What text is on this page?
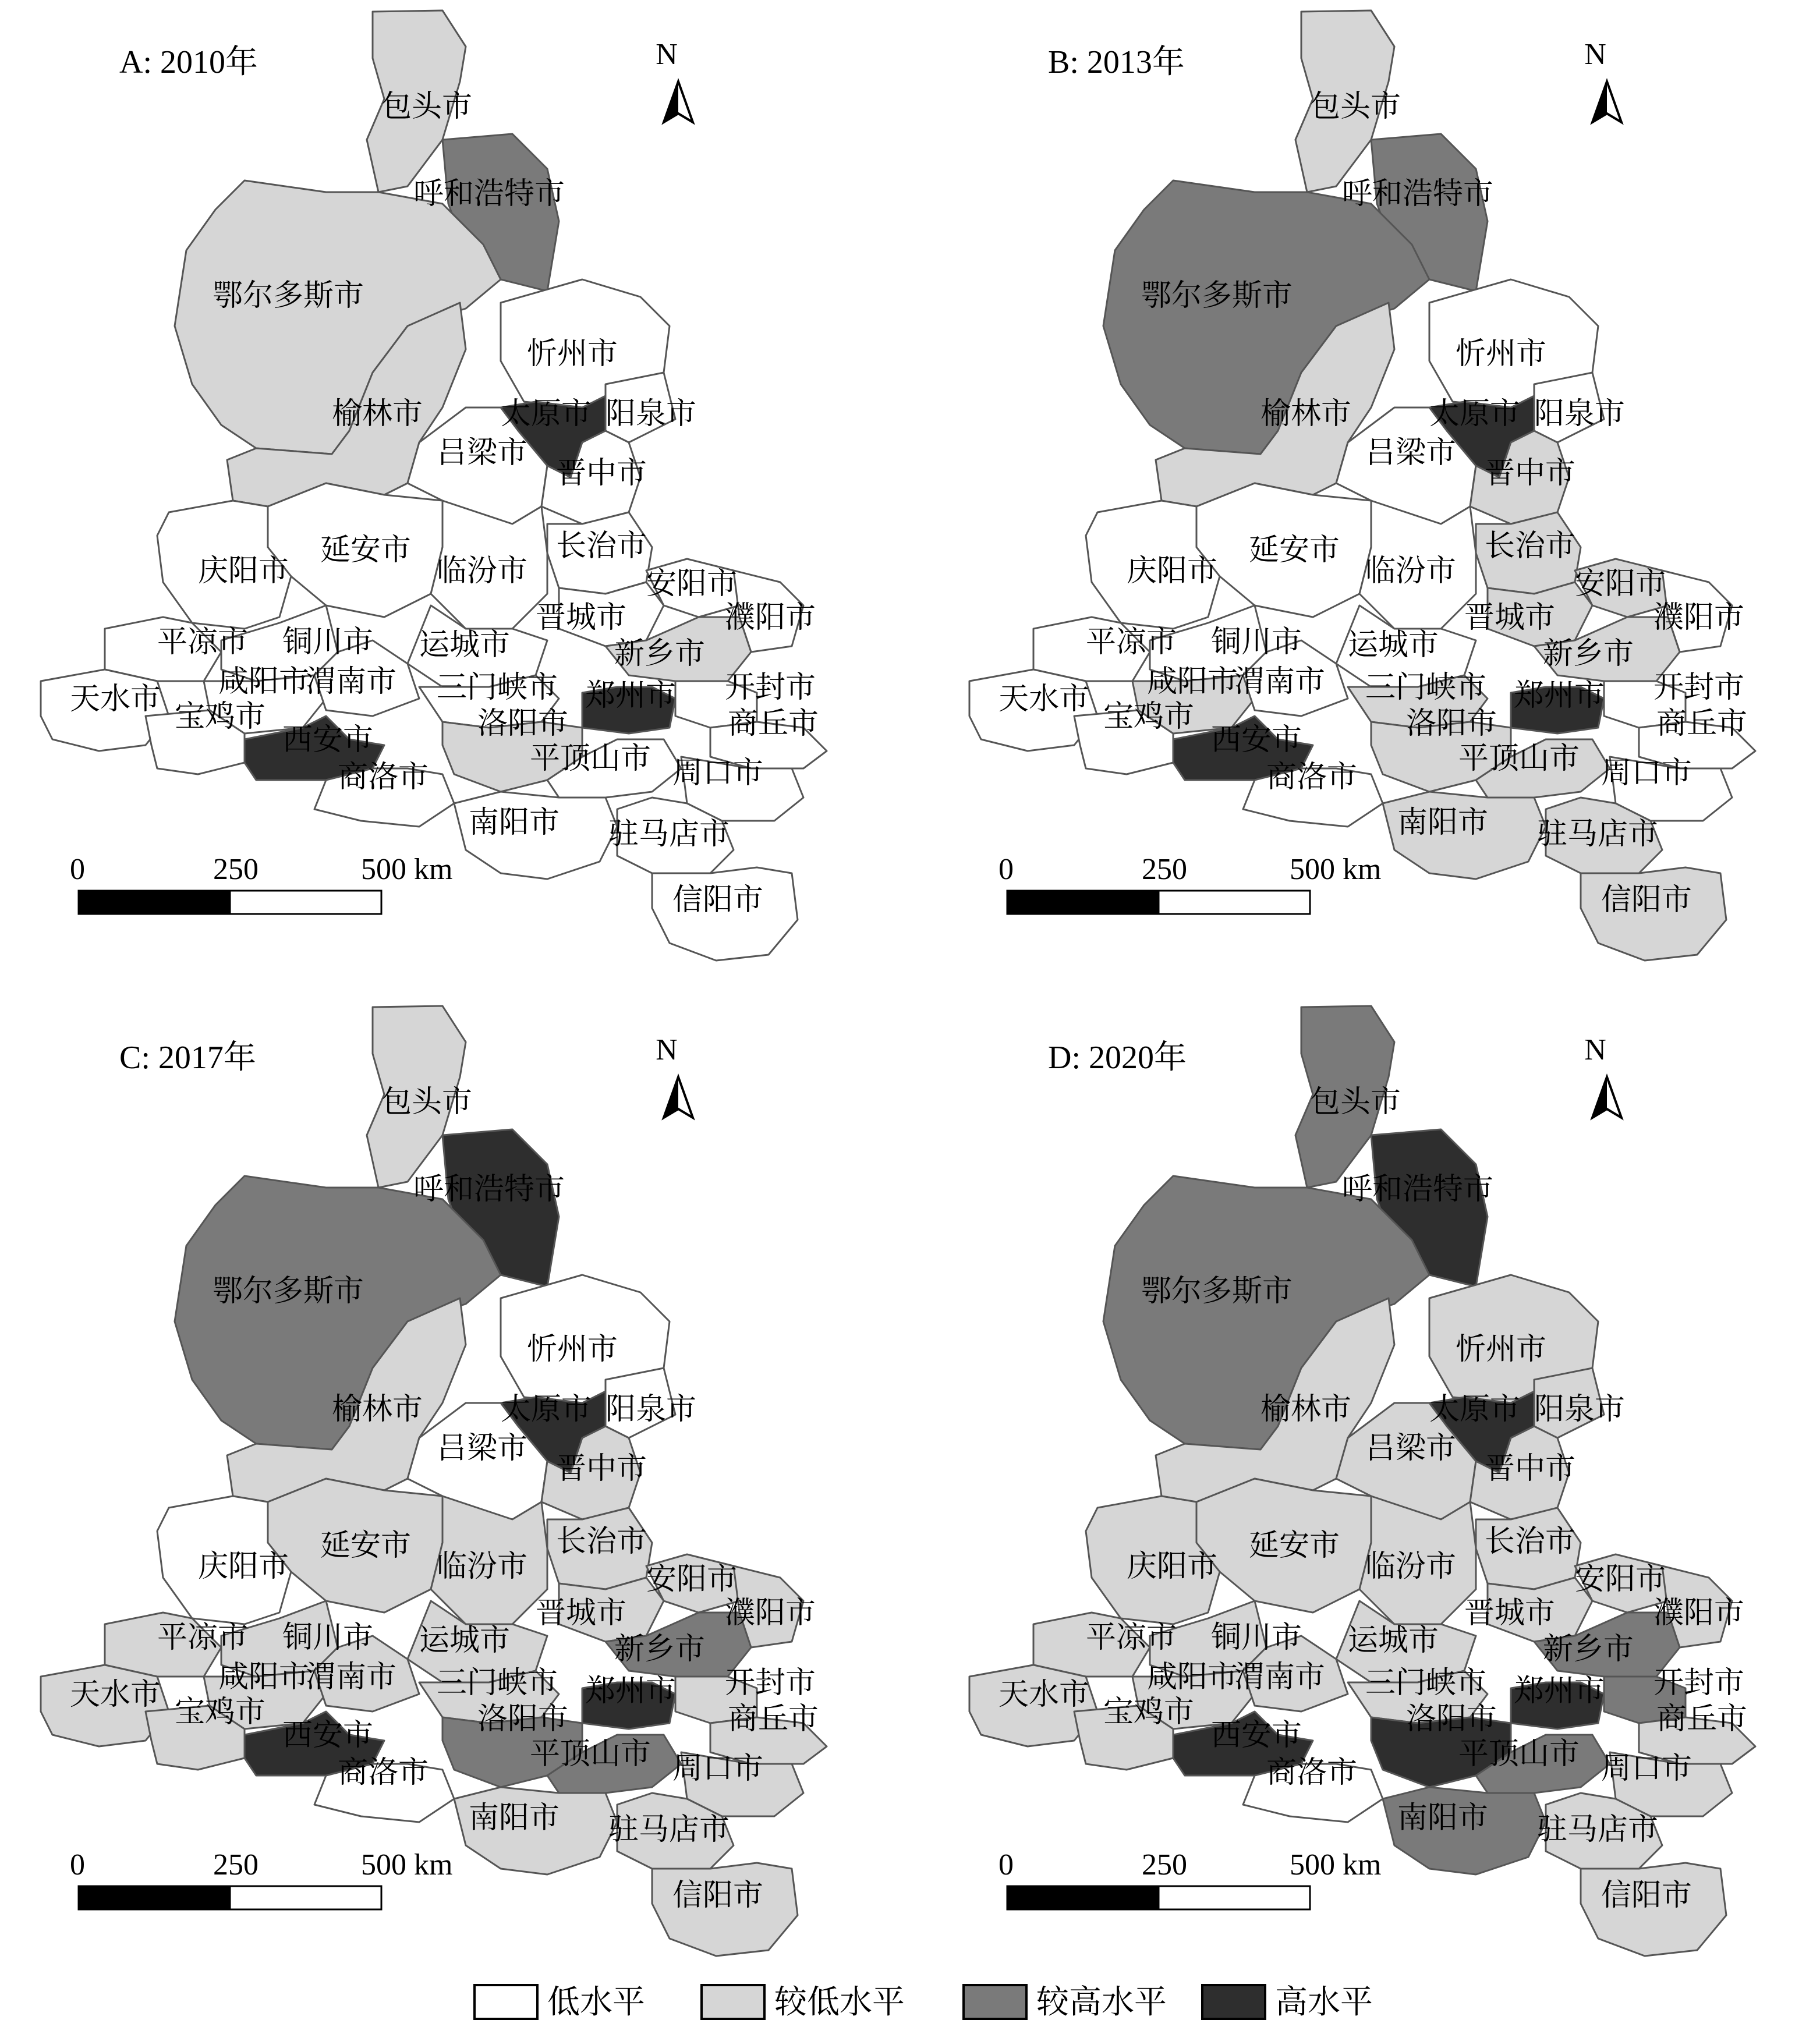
包头市
呼和浩特市
鄂尔多斯市
榆林市
忻州市
太原市 阳泉市
吕梁市
晋中市
延安市
庆阳市	临汾市
长治市
安阳市
濮阳市
晋城市
平凉市 铜川市 运城市	新乡市
咸阳市
渭南市 三门峡市 郑州市 开封市
天水市 宝鸡市
西安市	洛阳市	商丘市
商洛市
平顶山市 周口市
南阳市 驻马店市
信阳市
A: 2010年	N
0	250	500 km
包头市
呼和浩特市
鄂尔多斯市
榆林市
忻州市
太原市 阳泉市
吕梁市
晋中市
延安市
庆阳市	临汾市
长治市
安阳市
濮阳市
晋城市
平凉市 铜川市 运城市	新乡市
咸阳市
渭南市 三门峡市 郑州市 开封市
天水市 宝鸡市
西安市	洛阳市	商丘市
商洛市
平顶山市 周口市
南阳市 驻马店市
信阳市
B: 2013年	N
0	250	500 km
包头市
呼和浩特市
鄂尔多斯市
榆林市
忻州市
太原市 阳泉市
吕梁市
晋中市
延安市
庆阳市	临汾市
长治市
安阳市
濮阳市
晋城市
平凉市 铜川市 运城市	新乡市
咸阳市
渭南市 三门峡市 郑州市 开封市
天水市 宝鸡市
西安市	洛阳市	商丘市
商洛市
平顶山市 周口市
南阳市 驻马店市
信阳市
C: 2017年	N
0	250	500 km
包头市
呼和浩特市
鄂尔多斯市
榆林市
忻州市
太原市 阳泉市
吕梁市
晋中市
延安市
庆阳市	临汾市
长治市
安阳市
濮阳市
晋城市
平凉市 铜川市 运城市	新乡市
咸阳市
渭南市 三门峡市 郑州市 开封市
天水市 宝鸡市
西安市	洛阳市	商丘市
商洛市
平顶山市 周口市
南阳市 驻马店市
信阳市
D: 2020年	N
0	250	500 km
低水平	较低水平	较高水平	高水平
